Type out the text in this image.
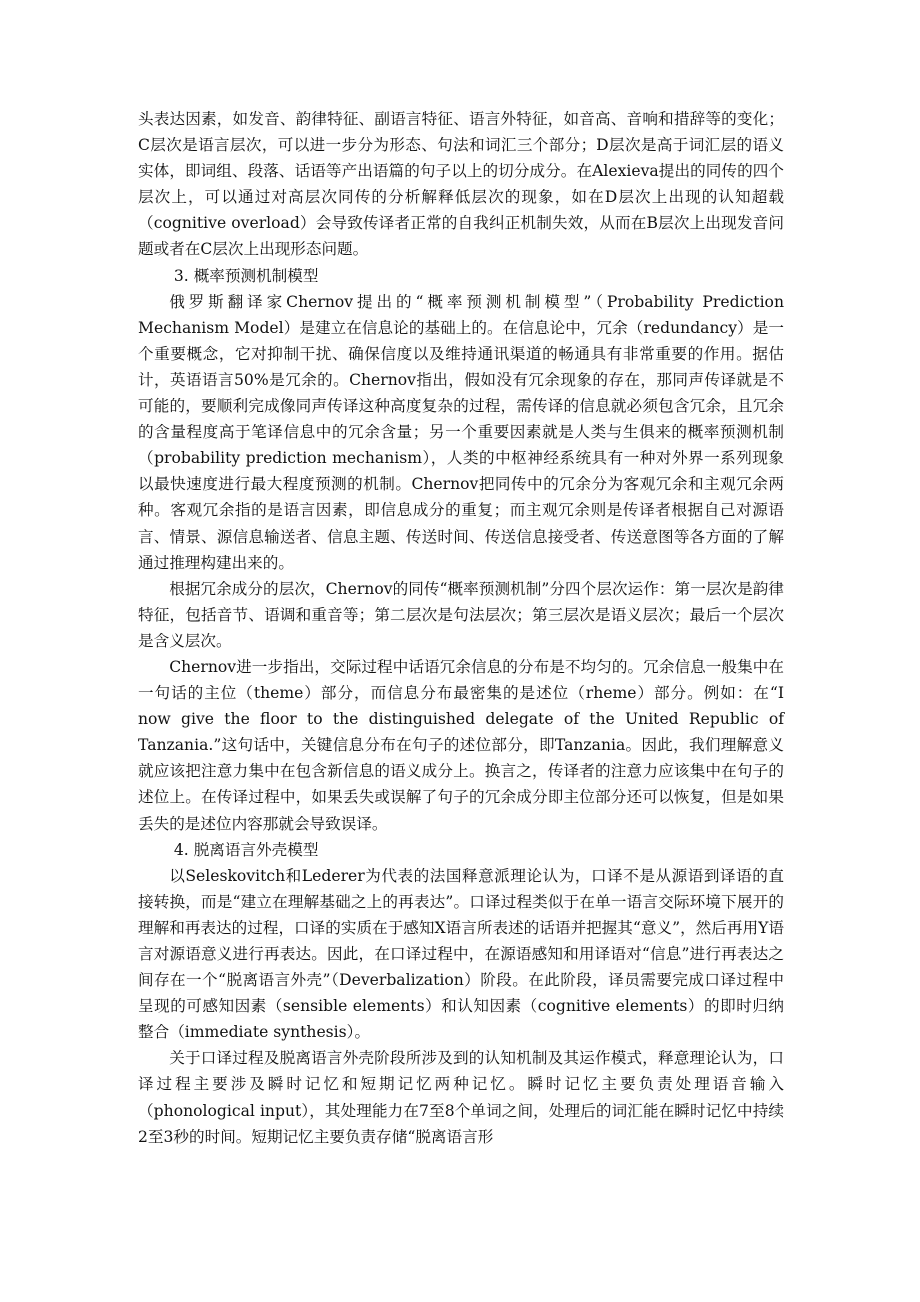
头表达因素，如发音、韵律特征、副语言特征、语言外特征，如音高、音响和措辞等的变化；C层次是语言层次，可以进一步分为形态、句法和词汇三个部分；D层次是高于词汇层的语义实体，即词组、段落、话语等产出语篇的句子以上的切分成分。在Alexieva提出的同传的四个层次上，可以通过对高层次同传的分析解释低层次的现象，如在D层次上出现的认知超载（cognitive overload）会导致传译者正常的自我纠正机制失效，从而在B层次上出现发音问题或者在C层次上出现形态问题。

3. 概率预测机制模型

俄罗斯翻译家Chernov提出的“概率预测机制模型”（Probability Prediction Mechanism Model）是建立在信息论的基础上的。在信息论中，冗余（redundancy）是一个重要概念，它对抑制干扰、确保信度以及维持通讯渠道的畅通具有非常重要的作用。据估计，英语语言50%是冗余的。Chernov指出，假如没有冗余现象的存在，那同声传译就是不可能的，要顺利完成像同声传译这种高度复杂的过程，需传译的信息就必须包含冗余，且冗余的含量程度高于笔译信息中的冗余含量；另一个重要因素就是人类与生俱来的概率预测机制（probability prediction mechanism），人类的中枢神经系统具有一种对外界一系列现象以最快速度进行最大程度预测的机制。Chernov把同传中的冗余分为客观冗余和主观冗余两种。客观冗余指的是语言因素，即信息成分的重复；而主观冗余则是传译者根据自己对源语言、情景、源信息输送者、信息主题、传送时间、传送信息接受者、传送意图等各方面的了解通过推理构建出来的。

根据冗余成分的层次，Chernov的同传“概率预测机制”分四个层次运作：第一层次是韵律特征，包括音节、语调和重音等；第二层次是句法层次；第三层次是语义层次；最后一个层次是含义层次。

Chernov进一步指出，交际过程中话语冗余信息的分布是不均匀的。冗余信息一般集中在一句话的主位（theme）部分，而信息分布最密集的是述位（rheme）部分。例如：在“I now give the floor to the distinguished delegate of the United Republic of Tanzania.”这句话中，关键信息分布在句子的述位部分，即Tanzania。因此，我们理解意义就应该把注意力集中在包含新信息的语义成分上。换言之，传译者的注意力应该集中在句子的述位上。在传译过程中，如果丢失或误解了句子的冗余成分即主位部分还可以恢复，但是如果丢失的是述位内容那就会导致误译。

4. 脱离语言外壳模型

以Seleskovitch和Lederer为代表的法国释意派理论认为，口译不是从源语到译语的直接转换，而是“建立在理解基础之上的再表达”。口译过程类似于在单一语言交际环境下展开的理解和再表达的过程，口译的实质在于感知X语言所表述的话语并把握其“意义”，然后再用Y语言对源语意义进行再表达。因此，在口译过程中，在源语感知和用译语对“信息”进行再表达之间存在一个“脱离语言外壳”（Deverbalization）阶段。在此阶段，译员需要完成口译过程中呈现的可感知因素（sensible elements）和认知因素（cognitive elements）的即时归纳整合（immediate synthesis）。

关于口译过程及脱离语言外壳阶段所涉及到的认知机制及其运作模式，释意理论认为，口译过程主要涉及瞬时记忆和短期记忆两种记忆。瞬时记忆主要负责处理语音输入（phonological input），其处理能力在7至8个单词之间，处理后的词汇能在瞬时记忆中持续2至3秒的时间。短期记忆主要负责存储“脱离语言形
